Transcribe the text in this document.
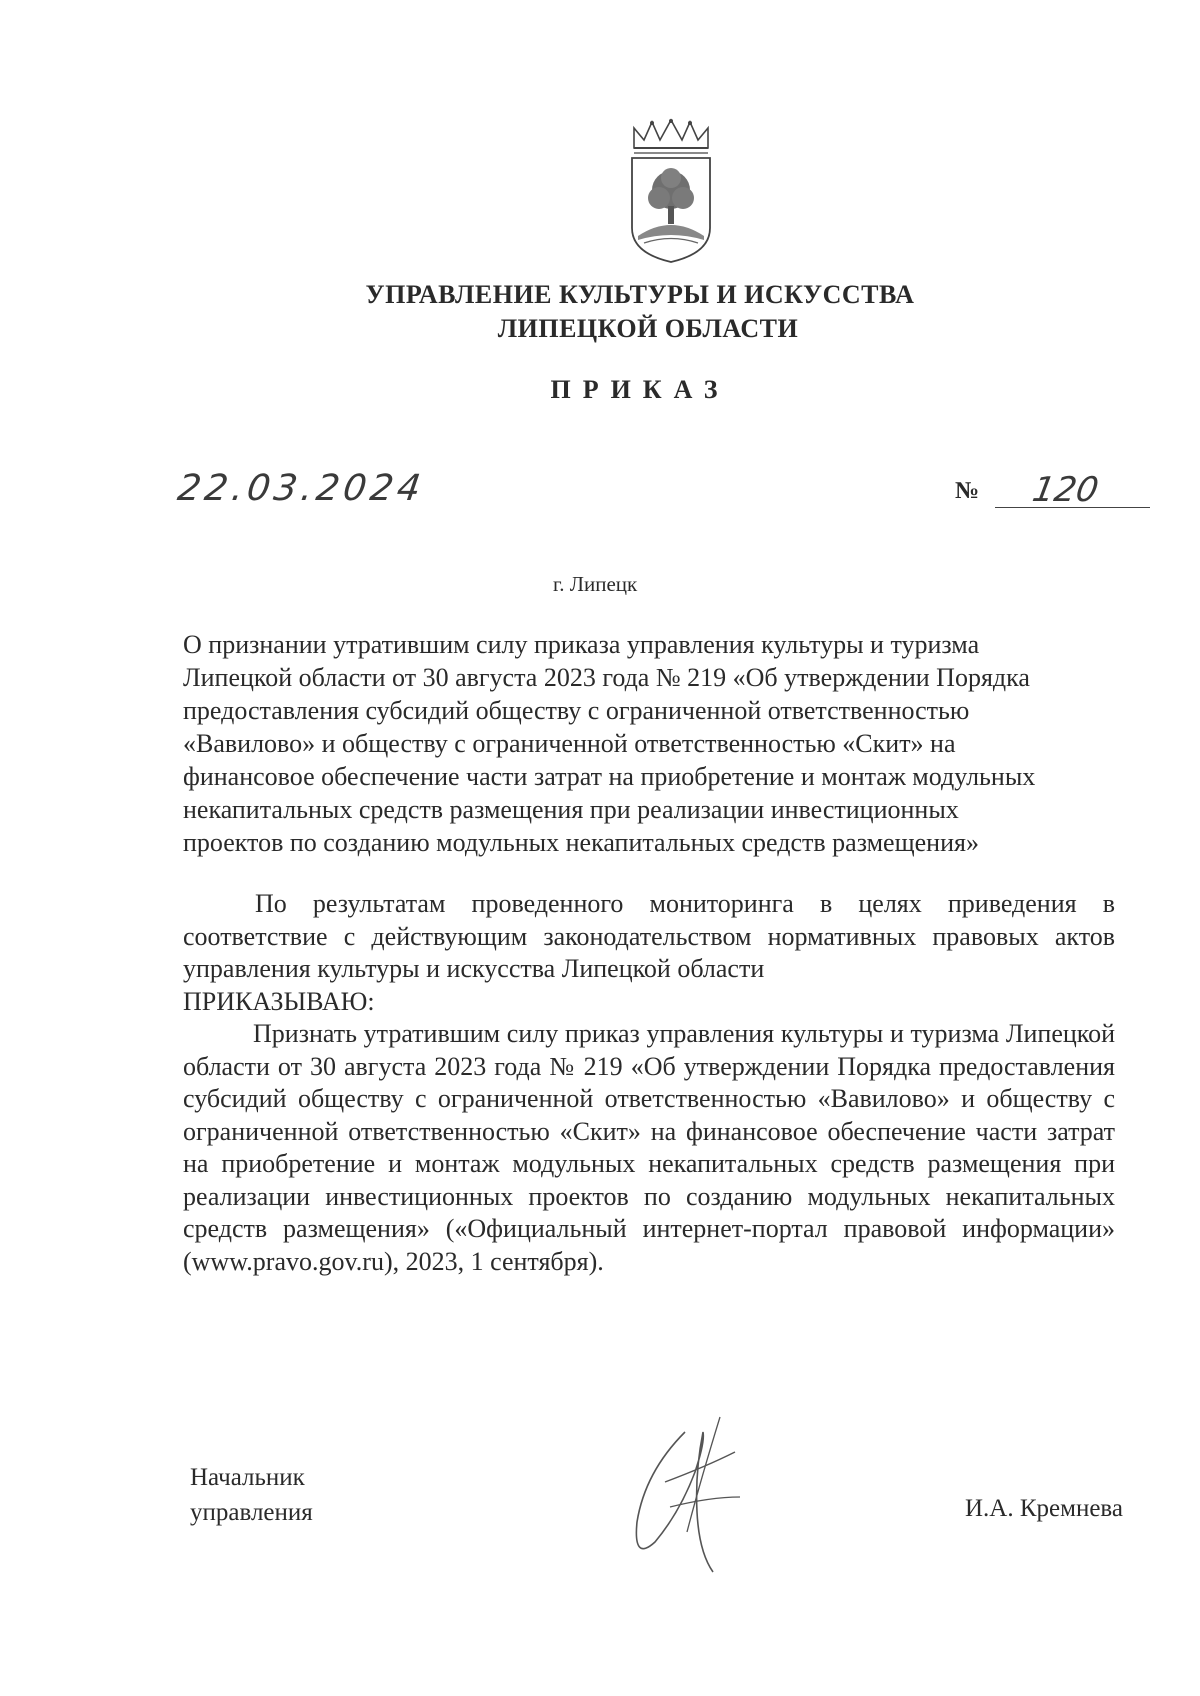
УПРАВЛЕНИЕ КУЛЬТУРЫ И ИСКУССТВА
ЛИПЕЦКОЙ ОБЛАСТИ
ПРИКАЗ
22.03.2024	№ 120
г. Липецк

О признании утратившим силу приказа управления культуры и туризма

Липецкой области от 30 августа 2023 года № 219 «Об утверждении Порядка

предоставления субсидий обществу с ограниченной ответственностью

«Вавилово» и обществу с ограниченной ответственностью «Скит» на

финансовое обеспечение части затрат на приобретение и монтаж модульных

некапитальных средств размещения при реализации инвестиционных

проектов по созданию модульных некапитальных средств размещения»

По результатам проведенного мониторинга в целях приведения в соответствие с действующим законодательством нормативных правовых актов управления культуры и искусства Липецкой области

ПРИКАЗЫВАЮ:

Признать утратившим силу приказ управления культуры и туризма Липецкой области от 30 августа 2023 года № 219 «Об утверждении Порядка предоставления субсидий обществу с ограниченной ответственностью «Вавилово» и обществу с ограниченной ответственностью «Скит» на финансовое обеспечение части затрат на приобретение и монтаж модульных некапитальных средств размещения при реализации инвестиционных проектов по созданию модульных некапитальных средств размещения» («Официальный интернет-портал правовой информации» (www.pravo.gov.ru), 2023, 1 сентября).

Начальник

управления	И.А. Кремнева
